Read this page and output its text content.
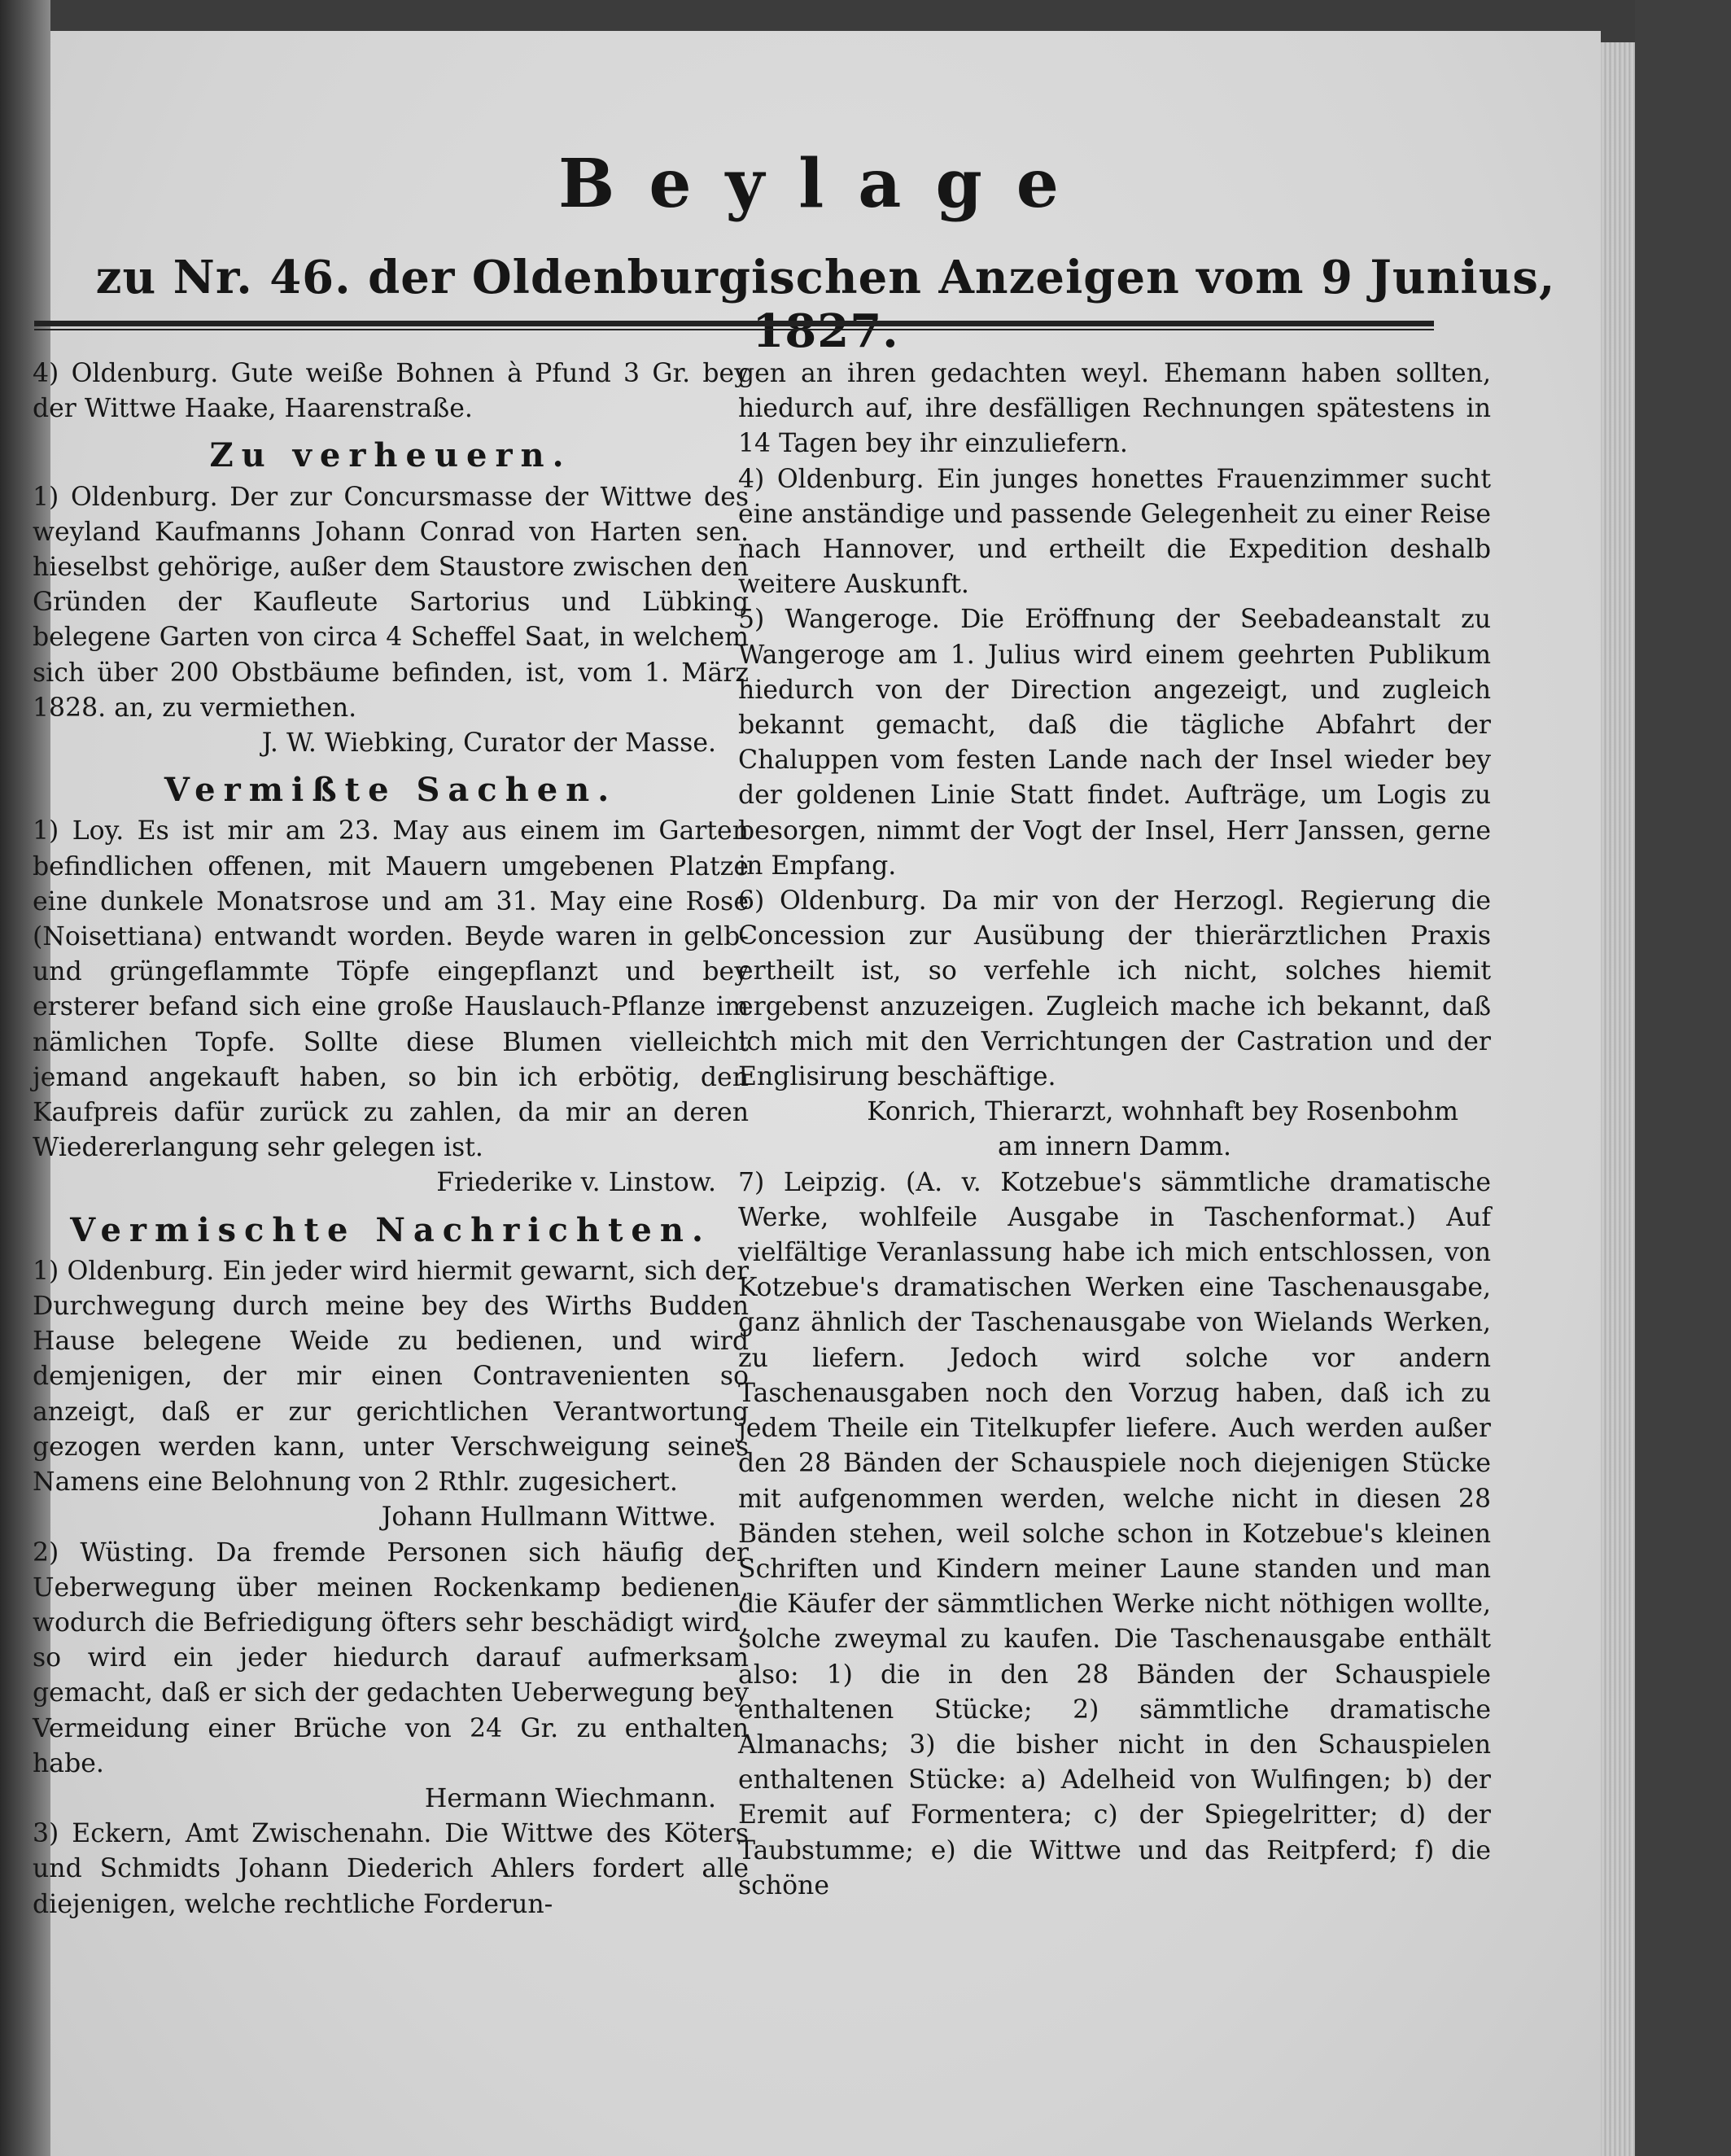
Beylage
zu Nr. 46. der Oldenburgischen Anzeigen vom 9 Junius, 1827.

4) Oldenburg. Gute weiße Bohnen à Pfund 3 Gr. bey der Wittwe Haake, Haarenstraße.

Zu verheuern.

1) Oldenburg. Der zur Concursmasse der Wittwe des weyland Kaufmanns Johann Conrad von Harten sen. hieselbst gehörige, außer dem Staustore zwischen den Gründen der Kaufleute Sartorius und Lübking belegene Garten von circa 4 Scheffel Saat, in welchem sich über 200 Obstbäume befinden, ist, vom 1. März 1828. an, zu vermiethen.

J. W. Wiebking, Curator der Masse.

Vermißte Sachen.

1) Loy. Es ist mir am 23. May aus einem im Garten befindlichen offenen, mit Mauern umgebenen Platze eine dunkele Monatsrose und am 31. May eine Rose (Noisettiana) entwandt worden. Beyde waren in gelb- und grüngeflammte Töpfe eingepflanzt und bey ersterer befand sich eine große Hauslauch-Pflanze im nämlichen Topfe. Sollte diese Blumen vielleicht jemand angekauft haben, so bin ich erbötig, den Kaufpreis dafür zurück zu zahlen, da mir an deren Wiedererlangung sehr gelegen ist.

Friederike v. Linstow.

Vermischte Nachrichten.

1) Oldenburg. Ein jeder wird hiermit gewarnt, sich der Durchwegung durch meine bey des Wirths Budden Hause belegene Weide zu bedienen, und wird demjenigen, der mir einen Contravenienten so anzeigt, daß er zur gerichtlichen Verantwortung gezogen werden kann, unter Verschweigung seines Namens eine Belohnung von 2 Rthlr. zugesichert.

Johann Hullmann Wittwe.

2) Wüsting. Da fremde Personen sich häufig der Ueberwegung über meinen Rockenkamp bedienen, wodurch die Befriedigung öfters sehr beschädigt wird, so wird ein jeder hiedurch darauf aufmerksam gemacht, daß er sich der gedachten Ueberwegung bey Vermeidung einer Brüche von 24 Gr. zu enthalten habe.

Hermann Wiechmann.

3) Eckern, Amt Zwischenahn. Die Wittwe des Köters und Schmidts Johann Diederich Ahlers fordert alle diejenigen, welche rechtliche Forderun-

gen an ihren gedachten weyl. Ehemann haben sollten, hiedurch auf, ihre desfälligen Rechnungen spätestens in 14 Tagen bey ihr einzuliefern.

4) Oldenburg. Ein junges honettes Frauenzimmer sucht eine anständige und passende Gelegenheit zu einer Reise nach Hannover, und ertheilt die Expedition deshalb weitere Auskunft.

5) Wangeroge. Die Eröffnung der Seebadeanstalt zu Wangeroge am 1. Julius wird einem geehrten Publikum hiedurch von der Direction angezeigt, und zugleich bekannt gemacht, daß die tägliche Abfahrt der Chaluppen vom festen Lande nach der Insel wieder bey der goldenen Linie Statt findet. Aufträge, um Logis zu besorgen, nimmt der Vogt der Insel, Herr Janssen, gerne in Empfang.

6) Oldenburg. Da mir von der Herzogl. Regierung die Concession zur Ausübung der thierärztlichen Praxis ertheilt ist, so verfehle ich nicht, solches hiemit ergebenst anzuzeigen. Zugleich mache ich bekannt, daß ich mich mit den Verrichtungen der Castration und der Englisirung beschäftige.

Konrich, Thierarzt, wohnhaft bey Rosenbohm

am innern Damm.

7) Leipzig. (A. v. Kotzebue's sämmtliche dramatische Werke, wohlfeile Ausgabe in Taschenformat.) Auf vielfältige Veranlassung habe ich mich entschlossen, von Kotzebue's dramatischen Werken eine Taschenausgabe, ganz ähnlich der Taschenausgabe von Wielands Werken, zu liefern. Jedoch wird solche vor andern Taschenausgaben noch den Vorzug haben, daß ich zu jedem Theile ein Titelkupfer liefere. Auch werden außer den 28 Bänden der Schauspiele noch diejenigen Stücke mit aufgenommen werden, welche nicht in diesen 28 Bänden stehen, weil solche schon in Kotzebue's kleinen Schriften und Kindern meiner Laune standen und man die Käufer der sämmtlichen Werke nicht nöthigen wollte, solche zweymal zu kaufen. Die Taschenausgabe enthält also: 1) die in den 28 Bänden der Schauspiele enthaltenen Stücke; 2) sämmtliche dramatische Almanachs; 3) die bisher nicht in den Schauspielen enthaltenen Stücke: a) Adelheid von Wulfingen; b) der Eremit auf Formentera; c) der Spiegelritter; d) der Taubstumme; e) die Wittwe und das Reitpferd; f) die schöne
